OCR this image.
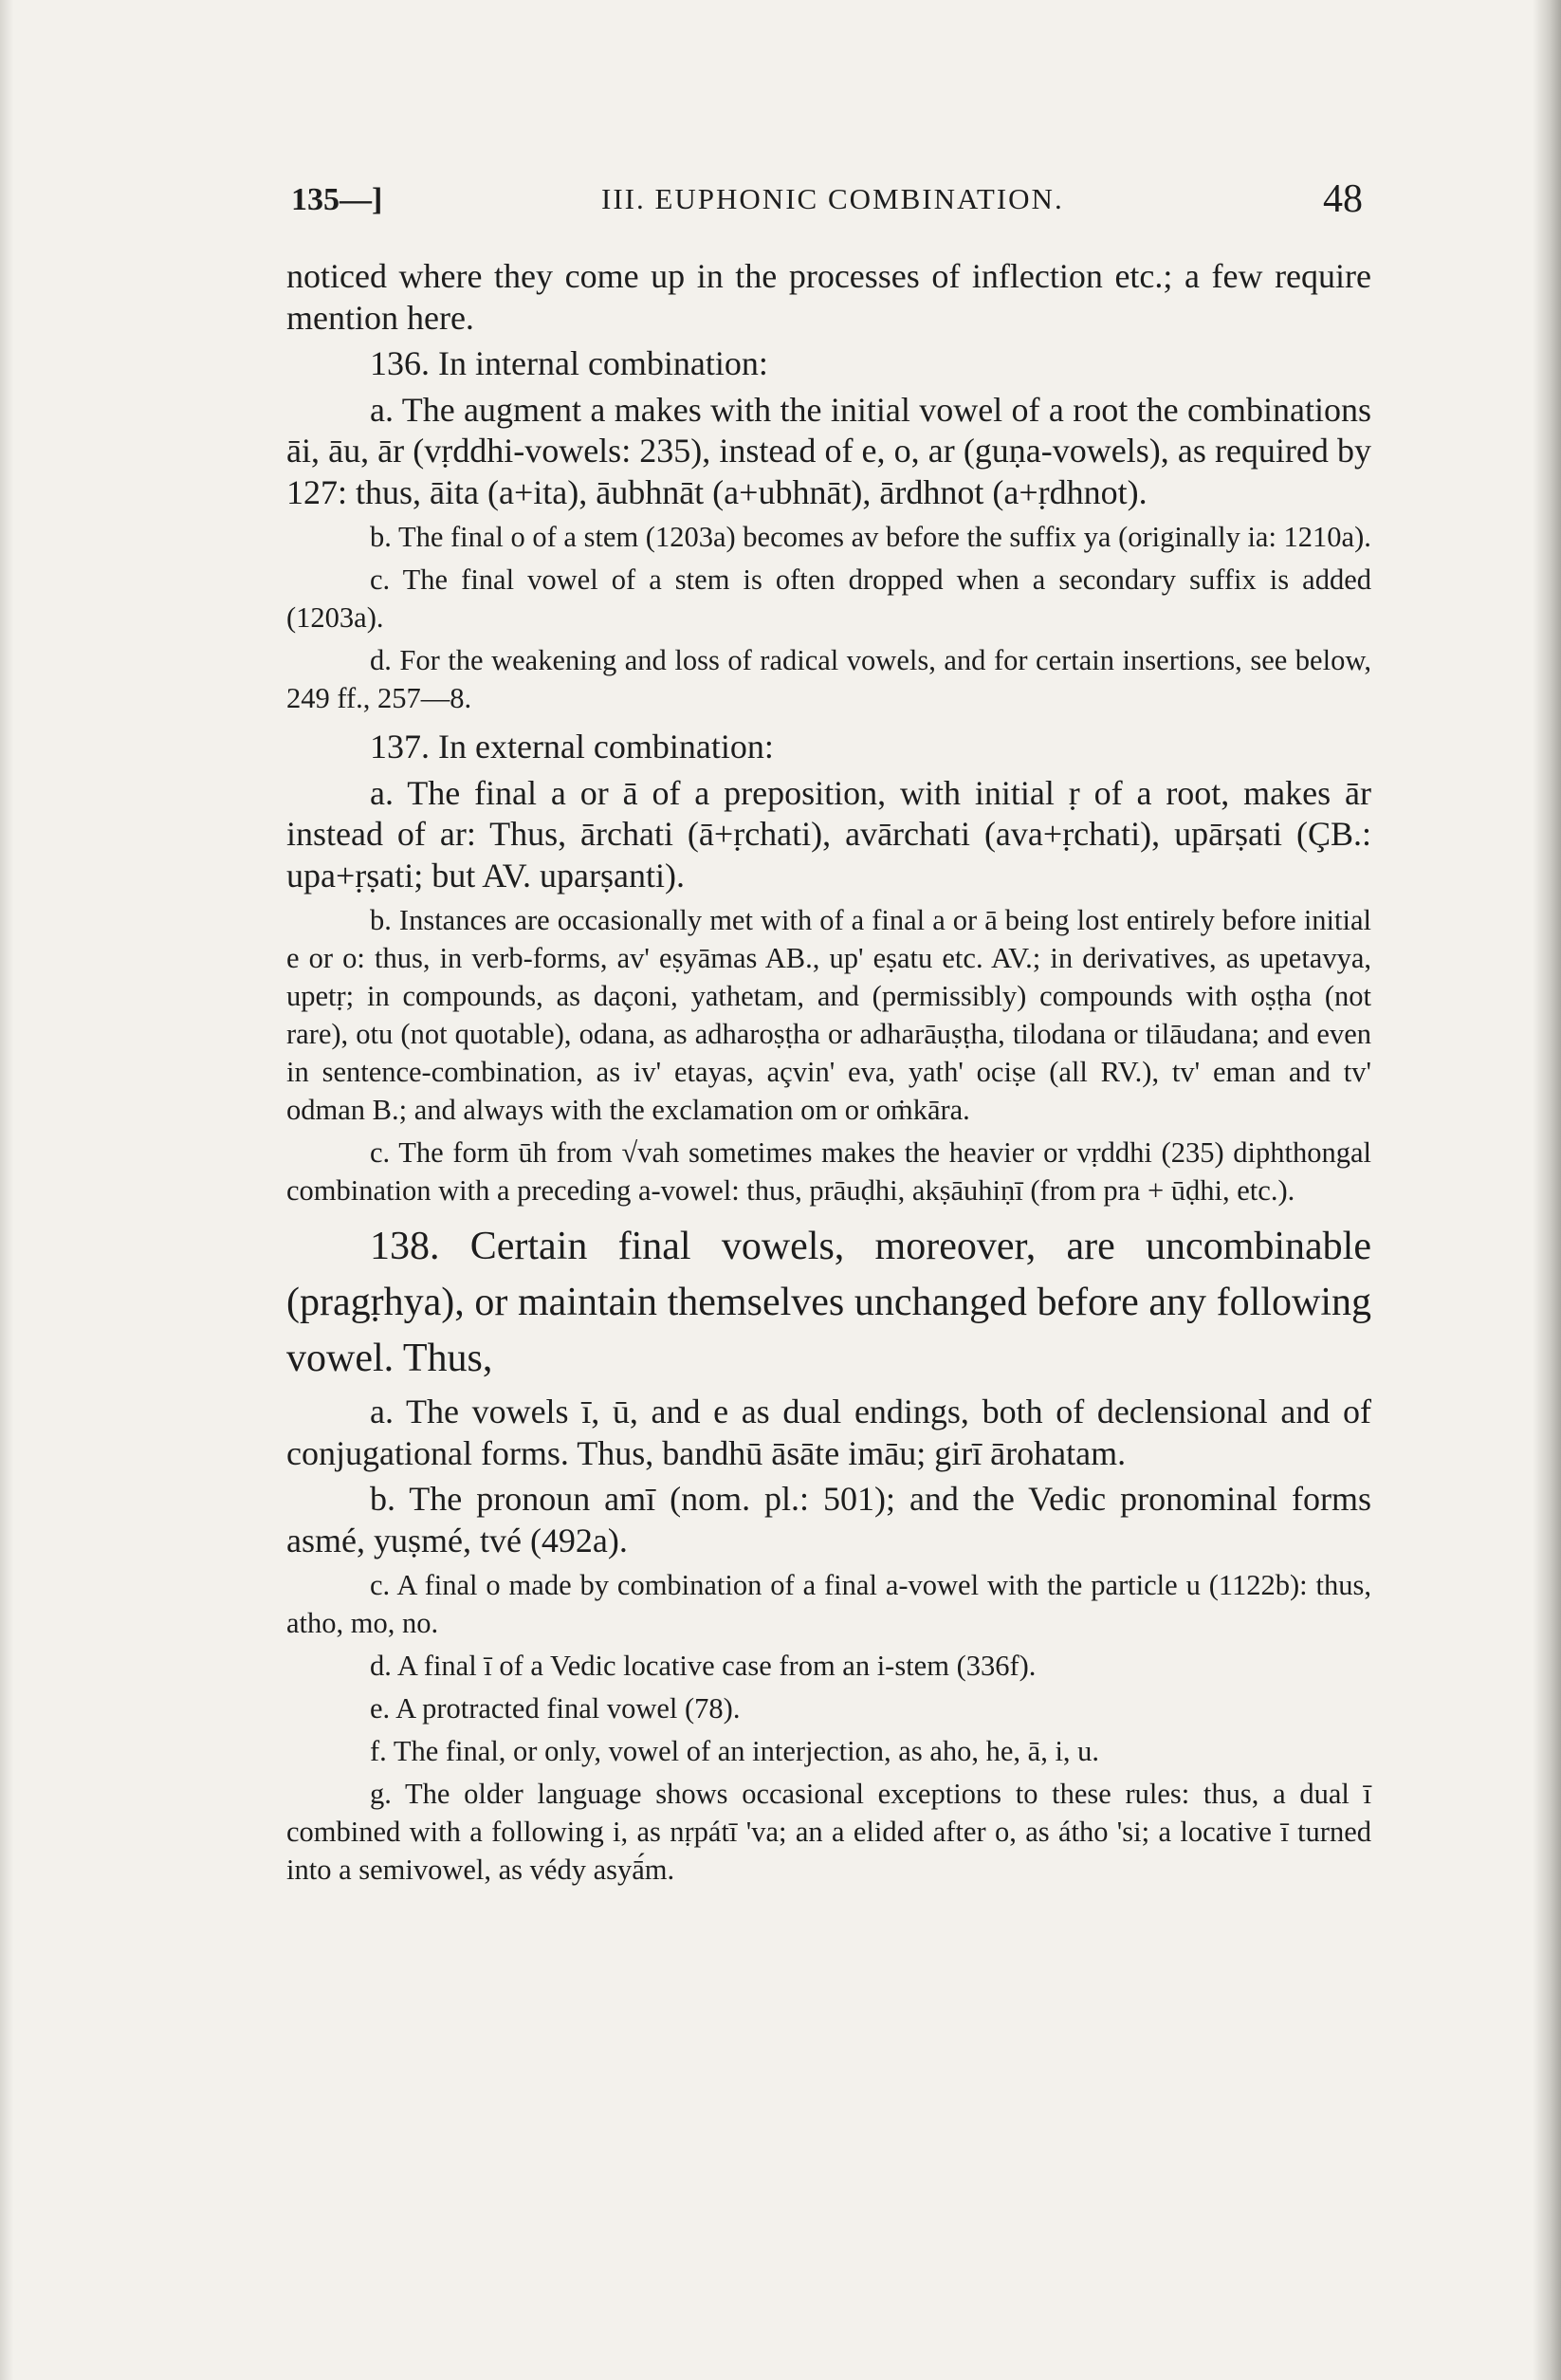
135—]	III. EUPHONIC COMBINATION.	48

noticed where they come up in the processes of inflection etc.; a few require mention here.

136. In internal combination:

a. The augment a makes with the initial vowel of a root the combinations āi, āu, ār (vṛddhi-vowels: 235), instead of e, o, ar (guṇa-vowels), as required by 127: thus, āita (a+ita), āubhnāt (a+ubhnāt), ārdhnot (a+ṛdhnot).

b. The final o of a stem (1203a) becomes av before the suffix ya (originally ia: 1210a).

c. The final vowel of a stem is often dropped when a secondary suffix is added (1203a).

d. For the weakening and loss of radical vowels, and for certain insertions, see below, 249 ff., 257—8.

137. In external combination:

a. The final a or ā of a preposition, with initial ṛ of a root, makes ār instead of ar: Thus, ārchati (ā+ṛchati), avārchati (ava+ṛchati), upārṣati (ÇB.: upa+ṛṣati; but AV. uparṣanti).

b. Instances are occasionally met with of a final a or ā being lost entirely before initial e or o: thus, in verb-forms, av' eṣyāmas AB., up' eṣatu etc. AV.; in derivatives, as upetavya, upetṛ; in compounds, as daçoni, yathetam, and (permissibly) compounds with oṣṭha (not rare), otu (not quotable), odana, as adharoṣṭha or adharāuṣṭha, tilodana or tilāudana; and even in sentence-combination, as iv' etayas, açvin' eva, yath' ociṣe (all RV.), tv' eman and tv' odman B.; and always with the exclamation om or oṁkāra.

c. The form ūh from √vah sometimes makes the heavier or vṛddhi (235) diphthongal combination with a preceding a-vowel: thus, prāuḍhi, akṣāuhiṇī (from pra + ūḍhi, etc.).

138. Certain final vowels, moreover, are uncombinable (pragṛhya), or maintain themselves unchanged before any following vowel. Thus,

a. The vowels ī, ū, and e as dual endings, both of declensional and of conjugational forms. Thus, bandhū āsāte imāu; girī ārohatam.

b. The pronoun amī (nom. pl.: 501); and the Vedic pronominal forms asmé, yuṣmé, tvé (492a).

c. A final o made by combination of a final a-vowel with the particle u (1122b): thus, atho, mo, no.

d. A final ī of a Vedic locative case from an i-stem (336f).

e. A protracted final vowel (78).

f. The final, or only, vowel of an interjection, as aho, he, ā, i, u.

g. The older language shows occasional exceptions to these rules: thus, a dual ī combined with a following i, as nṛpátī 'va; an a elided after o, as átho 'si; a locative ī turned into a semivowel, as védy asyā́m.
